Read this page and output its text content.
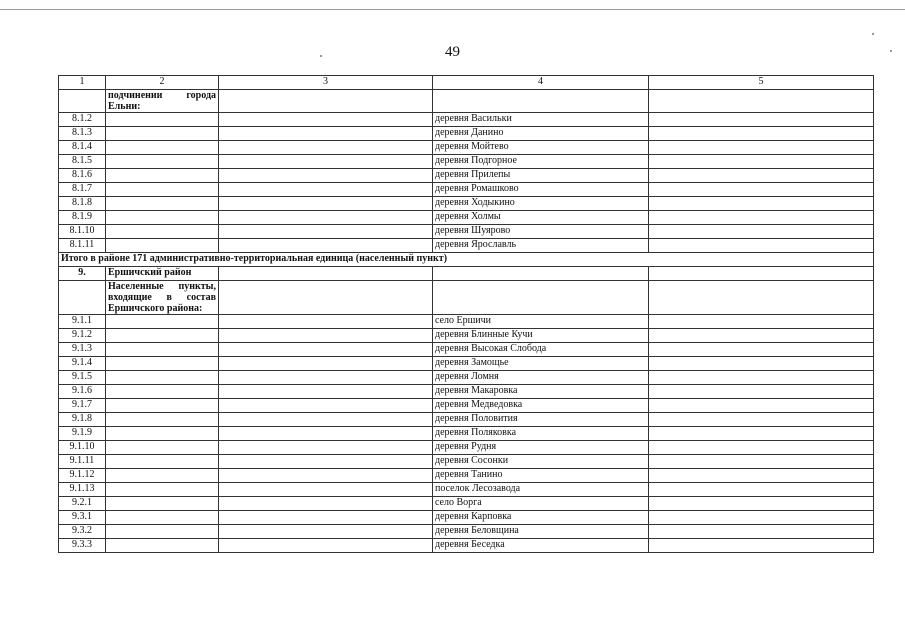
49
1	2	3	4	5

	подчинении города
Ельни:			

8.1.2			деревня Васильки	
8.1.3			деревня Данино	
8.1.4			деревня Мойтево	
8.1.5			деревня Подгорное	
8.1.6			деревня Прилепы	
8.1.7			деревня Ромашково	
8.1.8			деревня Ходыкино	
8.1.9			деревня Холмы	
8.1.10			деревня Шуярово	
8.1.11			деревня Ярославль	
Итого в районе 171 административно-территориальная единица (населенный пункт)				
9.	Ершичский район			

	Населенные пункты,
входящие в состав
Ершичского района:			

9.1.1			село Ершичи	
9.1.2			деревня Блинные Кучи	
9.1.3			деревня Высокая Слобода	
9.1.4			деревня Замощье	
9.1.5			деревня Ломня	
9.1.6			деревня Макаровка	
9.1.7			деревня Медведовка	
9.1.8			деревня Половития	
9.1.9			деревня Поляковка	
9.1.10			деревня Рудня	
9.1.11			деревня Сосонки	
9.1.12			деревня Танино	
9.1.13			поселок Лесозавода	
9.2.1			село Ворга	
9.3.1			деревня Карповка	
9.3.2			деревня Беловщина	
9.3.3			деревня Беседка	
